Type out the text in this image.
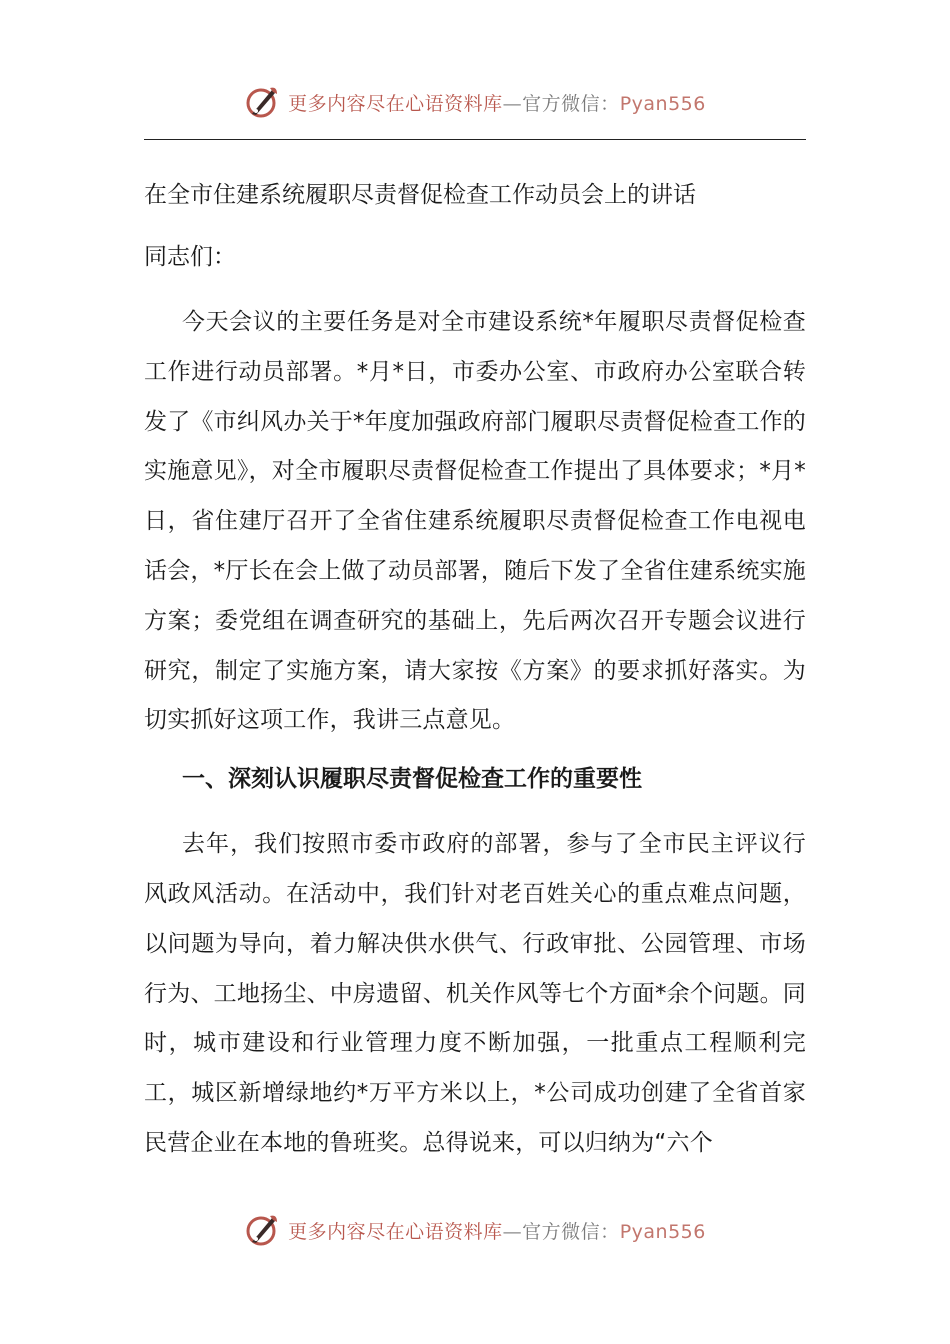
更多内容尽在心语资料库—官方微信：Pyan556
在全市住建系统履职尽责督促检查工作动员会上的讲话
同志们：
今天会议的主要任务是对全市建设系统*年履职尽责督促检查工作进行动员部署。*月*日，市委办公室、市政府办公室联合转发了《市纠风办关于*年度加强政府部门履职尽责督促检查工作的实施意见》，对全市履职尽责督促检查工作提出了具体要求；*月*日，省住建厅召开了全省住建系统履职尽责督促检查工作电视电话会，*厅长在会上做了动员部署，随后下发了全省住建系统实施方案；委党组在调查研究的基础上，先后两次召开专题会议进行研究，制定了实施方案，请大家按《方案》的要求抓好落实。为切实抓好这项工作，我讲三点意见。
一、深刻认识履职尽责督促检查工作的重要性
去年，我们按照市委市政府的部署，参与了全市民主评议行风政风活动。在活动中，我们针对老百姓关心的重点难点问题，以问题为导向，着力解决供水供气、行政审批、公园管理、市场行为、工地扬尘、中房遗留、机关作风等七个方面*余个问题。同时，城市建设和行业管理力度不断加强，一批重点工程顺利完工，城区新增绿地约*万平方米以上，*公司成功创建了全省首家民营企业在本地的鲁班奖。总得说来，可以归纳为“六个
更多内容尽在心语资料库—官方微信：Pyan556
